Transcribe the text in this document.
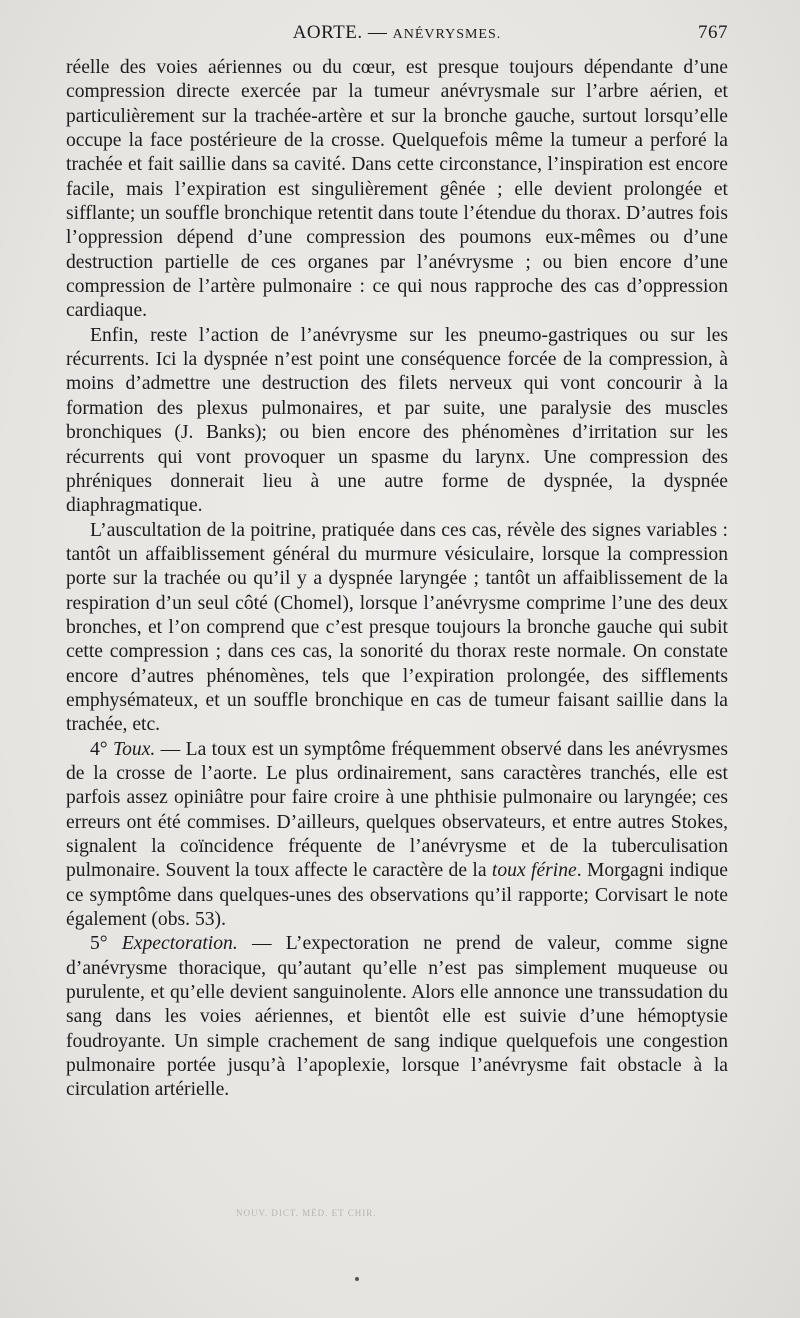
AORTE. — ANÉVRYSMES.	767

réelle des voies aériennes ou du cœur, est presque toujours dépendante d’une compression directe exercée par la tumeur anévrysmale sur l’arbre aérien, et particulièrement sur la trachée-artère et sur la bronche gauche, surtout lorsqu’elle occupe la face postérieure de la crosse. Quelquefois même la tumeur a perforé la trachée et fait saillie dans sa cavité. Dans cette circonstance, l’inspiration est encore facile, mais l’expiration est singulièrement gênée ; elle devient prolongée et sifflante; un souffle bronchique retentit dans toute l’étendue du thorax. D’autres fois l’oppression dépend d’une compression des poumons eux-mêmes ou d’une destruction partielle de ces organes par l’anévrysme ; ou bien encore d’une compression de l’artère pulmonaire : ce qui nous rapproche des cas d’oppression cardiaque.

Enfin, reste l’action de l’anévrysme sur les pneumo-gastriques ou sur les récurrents. Ici la dyspnée n’est point une conséquence forcée de la compression, à moins d’admettre une destruction des filets nerveux qui vont concourir à la formation des plexus pulmonaires, et par suite, une paralysie des muscles bronchiques (J. Banks); ou bien encore des phénomènes d’irritation sur les récurrents qui vont provoquer un spasme du larynx. Une compression des phréniques donnerait lieu à une autre forme de dyspnée, la dyspnée diaphragmatique.

L’auscultation de la poitrine, pratiquée dans ces cas, révèle des signes variables : tantôt un affaiblissement général du murmure vésiculaire, lorsque la compression porte sur la trachée ou qu’il y a dyspnée laryngée ; tantôt un affaiblissement de la respiration d’un seul côté (Chomel), lorsque l’anévrysme comprime l’une des deux bronches, et l’on comprend que c’est presque toujours la bronche gauche qui subit cette compression ; dans ces cas, la sonorité du thorax reste normale. On constate encore d’autres phénomènes, tels que l’expiration prolongée, des sifflements emphysémateux, et un souffle bronchique en cas de tumeur faisant saillie dans la trachée, etc.

4° Toux. — La toux est un symptôme fréquemment observé dans les anévrysmes de la crosse de l’aorte. Le plus ordinairement, sans caractères tranchés, elle est parfois assez opiniâtre pour faire croire à une phthisie pulmonaire ou laryngée; ces erreurs ont été commises. D’ailleurs, quelques observateurs, et entre autres Stokes, signalent la coïncidence fréquente de l’anévrysme et de la tuberculisation pulmonaire. Souvent la toux affecte le caractère de la toux férine. Morgagni indique ce symptôme dans quelques-unes des observations qu’il rapporte; Corvisart le note également (obs. 53).

5° Expectoration. — L’expectoration ne prend de valeur, comme signe d’anévrysme thoracique, qu’autant qu’elle n’est pas simplement muqueuse ou purulente, et qu’elle devient sanguinolente. Alors elle annonce une transsudation du sang dans les voies aériennes, et bientôt elle est suivie d’une hémoptysie foudroyante. Un simple crachement de sang indique quelquefois une congestion pulmonaire portée jusqu’à l’apoplexie, lorsque l’anévrysme fait obstacle à la circulation artérielle.

NOUV. DICT. MÉD. ET CHIR.
